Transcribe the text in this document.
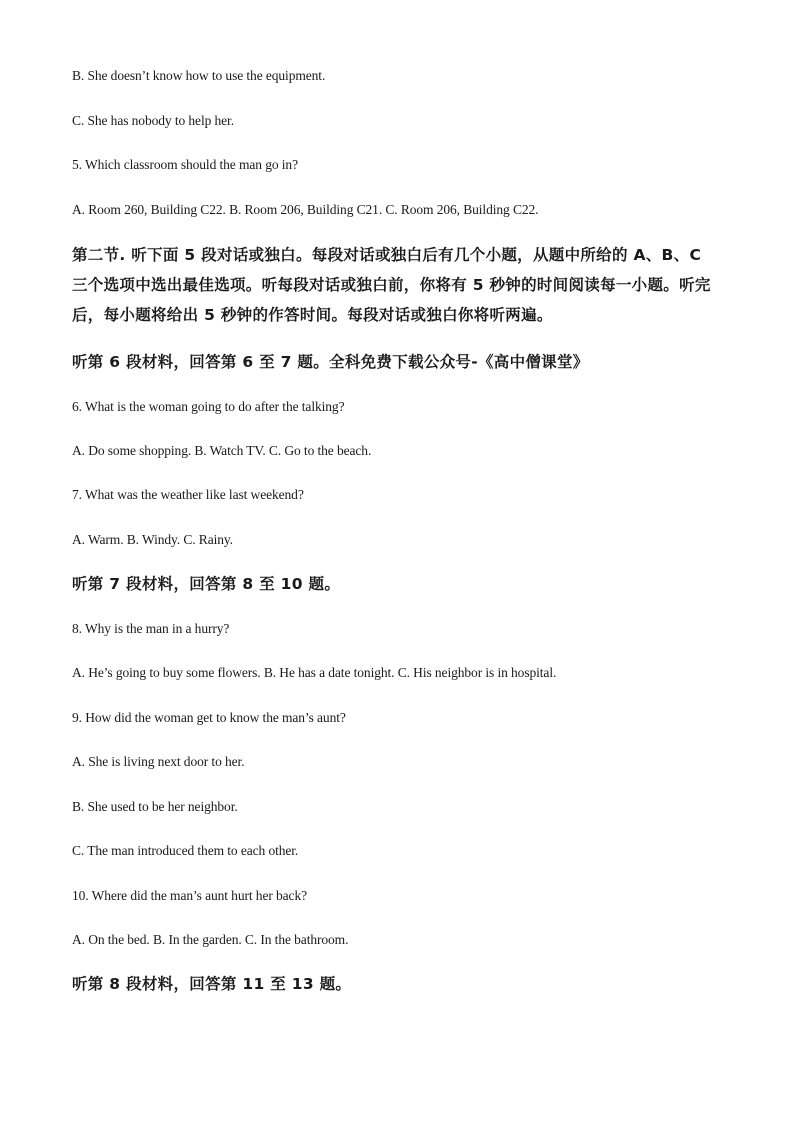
B. She doesn’t know how to use the equipment.
C. She has nobody to help her.
5. Which classroom should the man go in?
A. Room 260, Building C22. B. Room 206, Building C21. C. Room 206, Building C22.
第二节. 听下面 5 段对话或独白。每段对话或独白后有几个小题，从题中所给的 A、B、C
三个选项中选出最佳选项。听每段对话或独白前，你将有 5 秒钟的时间阅读每一小题。听完
后，每小题将给出 5 秒钟的作答时间。每段对话或独白你将听两遍。
听第 6 段材料，回答第 6 至 7 题。全科免费下载公众号-《高中僧课堂》
6. What is the woman going to do after the talking?
A. Do some shopping. B. Watch TV. C. Go to the beach.
7. What was the weather like last weekend?
A. Warm. B. Windy. C. Rainy.
听第 7 段材料，回答第 8 至 10 题。
8. Why is the man in a hurry?
A. He’s going to buy some flowers. B. He has a date tonight. C. His neighbor is in hospital.
9. How did the woman get to know the man’s aunt?
A. She is living next door to her.
B. She used to be her neighbor.
C. The man introduced them to each other.
10. Where did the man’s aunt hurt her back?
A. On the bed. B. In the garden. C. In the bathroom.
听第 8 段材料，回答第 11 至 13 题。
